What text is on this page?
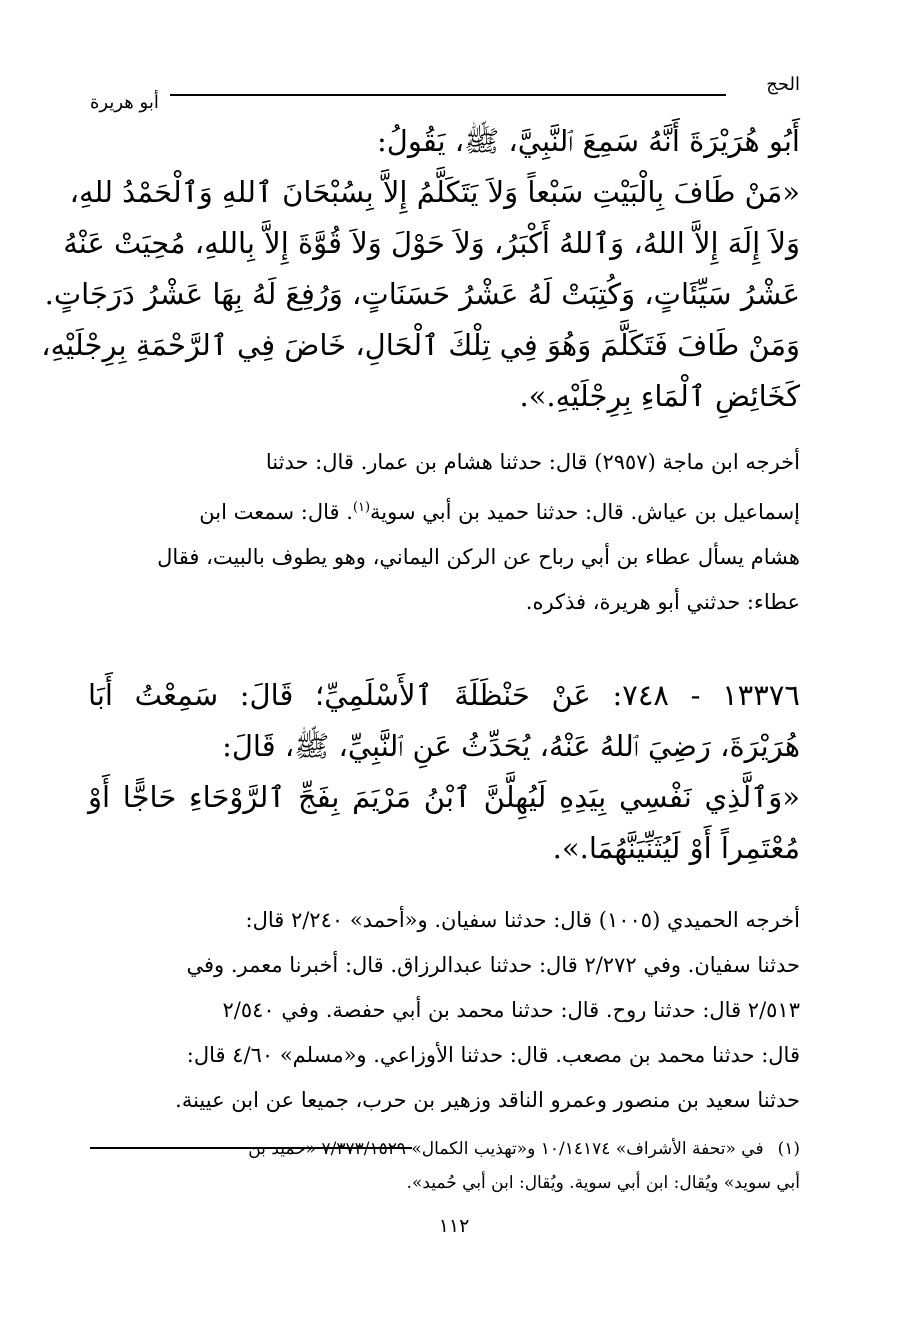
الحج
أبو هريرة
أَبُو هُرَيْرَةَ أَنَّهُ سَمِعَ ٱلنَّبِيَّ، ﷺ، يَقُولُ:
«مَنْ طَافَ بِالْبَيْتِ سَبْعاً وَلاَ يَتَكَلَّمُ إِلاَّ بِسُبْحَانَ ٱللهِ وَٱلْحَمْدُ للهِ،
وَلاَ إِلَهَ إِلاَّ اللهُ، وَٱللهُ أَكْبَرُ، وَلاَ حَوْلَ وَلاَ قُوَّةَ إِلاَّ بِاللهِ، مُحِيَتْ عَنْهُ
عَشْرُ سَيِّئَاتٍ، وَكُتِبَتْ لَهُ عَشْرُ حَسَنَاتٍ، وَرُفِعَ لَهُ بِهَا عَشْرُ دَرَجَاتٍ.
وَمَنْ طَافَ فَتَكَلَّمَ وَهُوَ فِي تِلْكَ ٱلْحَالِ، خَاضَ فِي ٱلرَّحْمَةِ بِرِجْلَيْهِ،
كَخَائِضِ ٱلْمَاءِ بِرِجْلَيْهِ.».
أخرجه ابن ماجة (٢٩٥٧) قال: حدثنا هشام بن عمار. قال: حدثنا
إسماعيل بن عياش. قال: حدثنا حميد بن أبي سوية$^{(١)}$. قال: سمعت ابن
هشام يسأل عطاء بن أبي رباح عن الركن اليماني، وهو يطوف بالبيت، فقال
عطاء: حدثني أبو هريرة، فذكره.
١٣٣٧٦ - ٧٤٨: عَنْ حَنْظَلَةَ ٱلأَسْلَمِيِّ؛ قَالَ: سَمِعْتُ أَبَا
هُرَيْرَةَ، رَضِيَ ٱللهُ عَنْهُ، يُحَدِّثُ عَنِ ٱلنَّبِيِّ، ﷺ، قَالَ:
«وَٱلَّذِي نَفْسِي بِيَدِهِ لَيُهِلَّنَّ ٱبْنُ مَرْيَمَ بِفَجِّ ٱلرَّوْحَاءِ حَاجًّا أَوْ
مُعْتَمِراً أَوْ لَيُثَنِّيَنَّهُمَا.».
أخرجه الحميدي (١٠٠٥) قال: حدثنا سفيان. و«أحمد» ٢/٢٤٠ قال:
حدثنا سفيان. وفي ٢/٢٧٢ قال: حدثنا عبدالرزاق. قال: أخبرنا معمر. وفي
٢/٥١٣ قال: حدثنا روح. قال: حدثنا محمد بن أبي حفصة. وفي ٢/٥٤٠
قال: حدثنا محمد بن مصعب. قال: حدثنا الأوزاعي. و«مسلم» ٤/٦٠ قال:
حدثنا سعيد بن منصور وعمرو الناقد وزهير بن حرب، جميعا عن ابن عيينة.
(١)في «تحفة الأشراف» ١٠/١٤١٧٤ و«تهذيب الكمال» ٧/٣٧٣/١٥٢٩ «حميد بن
أبي سويد» ويُقال: ابن أبي سوية. ويُقال: ابن أبي حُميد».
١١٢
